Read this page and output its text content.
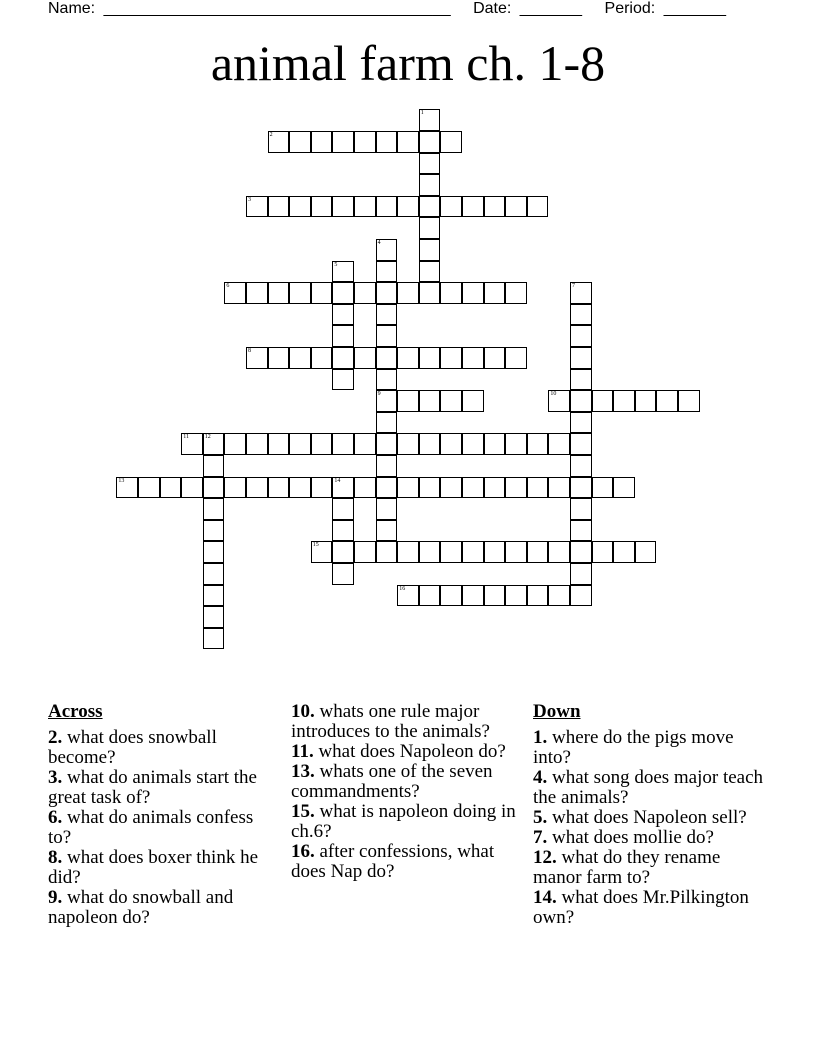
Name: _______________________________________ Date: _______ Period: _______
animal farm ch. 1-8
1
2
3
4
9
5
6	7
8
10
11	12
13	14
15
16
Across
2. what does snowball become?
3. what do animals start the great task of?
6. what do animals confess to?
8. what does boxer think he did?
9. what do snowball and napoleon do?
10. whats one rule major introduces to the animals?
11. what does Napoleon do?
13. whats one of the seven commandments?
15. what is napoleon doing in ch.6?
16. after confessions, what does Nap do?
Down
1. where do the pigs move into?
4. what song does major teach the animals?
5. what does Napoleon sell?
7. what does mollie do?
12. what do they rename manor farm to?
14. what does Mr.Pilkington own?
